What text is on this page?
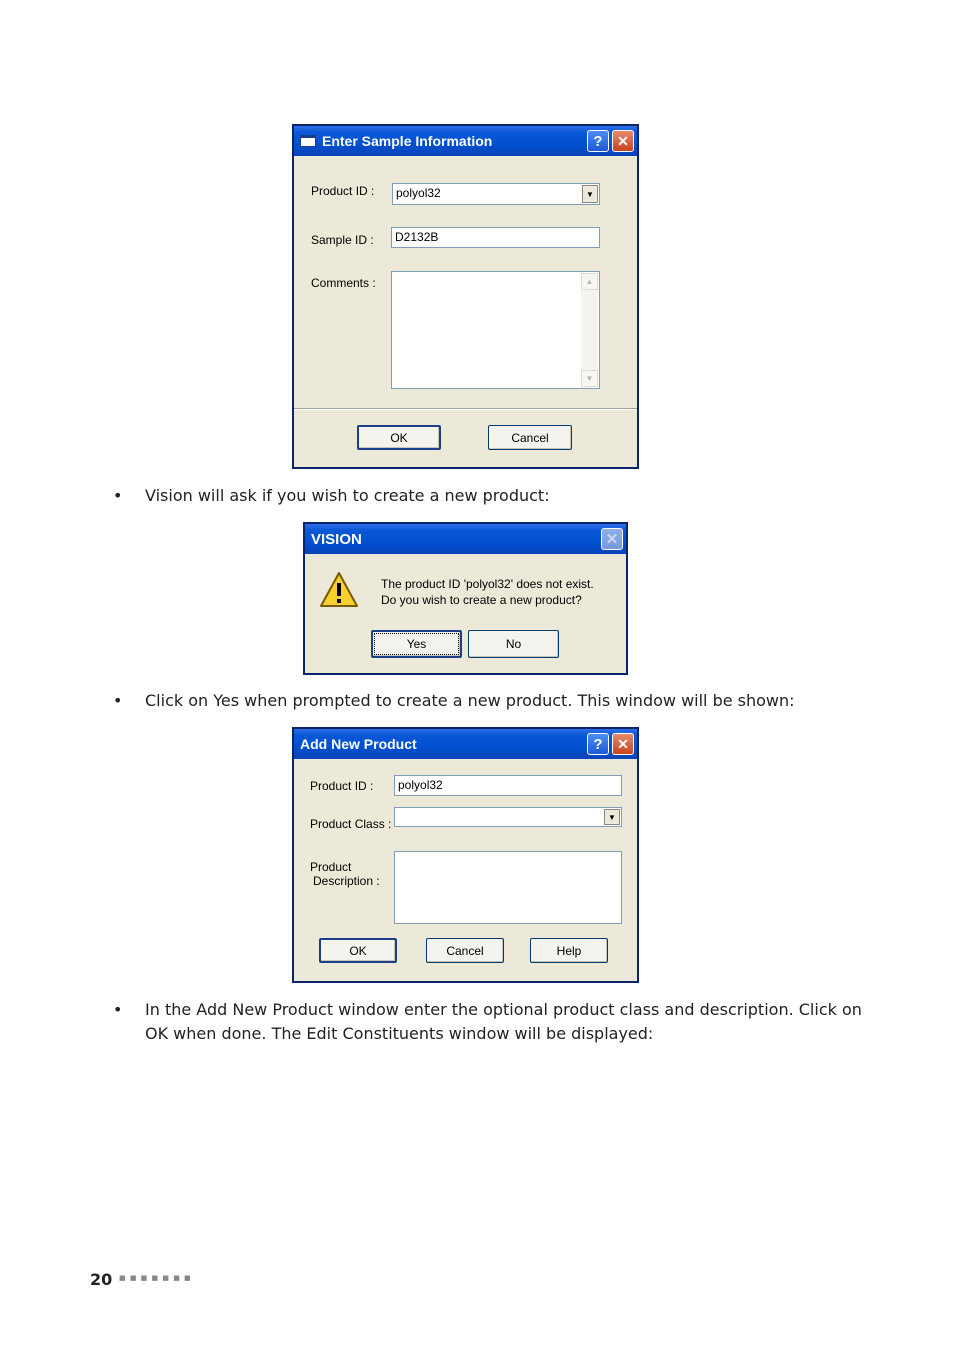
Enter Sample Information	?	✕
Product ID :	polyol32	▼
Sample ID :	D2132B
Comments :	▲
▼
OK	Cancel
• Vision will ask if you wish to create a new product:
VISION	✕
The product ID 'polyol32' does not exist.
Do you wish to create a new product?
Yes	No
• Click on Yes when prompted to create a new product. This window will be shown:
Add New Product	?	✕
Product ID :	polyol32
Product Class :	▼
Product
Description :
OK	Cancel	Help
• In the Add New Product window enter the optional product class and description. Click on
OK when done. The Edit Constituents window will be displayed:
20 ■ ■ ■ ■ ■ ■ ■
